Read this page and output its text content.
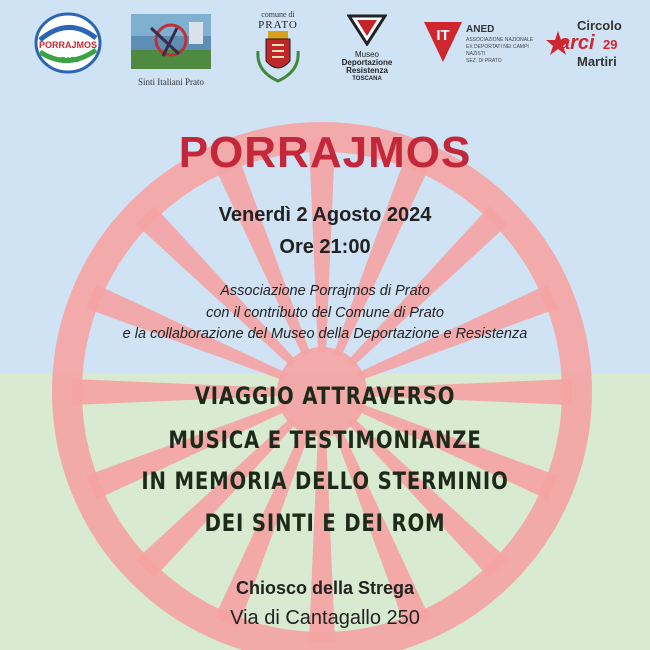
PORRAJMOS
PRATO
Sinti Italiani Prato
comune di
PRATO
Museo
Deportazione
Resistenza
TOSCANA
IT ANED
ASSOCIAZIONE NAZIONALE
EX DEPORTATI NEI CAMPI NAZISTI
SEZ. DI PRATO
Circolo
arci 29
Martiri
PORRAJMOS
Venerdì 2 Agosto 2024
Ore 21:00
Associazione Porrajmos di Prato
con il contributo del Comune di Prato
e la collaborazione del Museo della Deportazione e Resistenza
VIAGGIO ATTRAVERSO
MUSICA E TESTIMONIANZE
IN MEMORIA DELLO STERMINIO
DEI SINTI E DEI ROM
Chiosco della Strega
Via di Cantagallo 250
